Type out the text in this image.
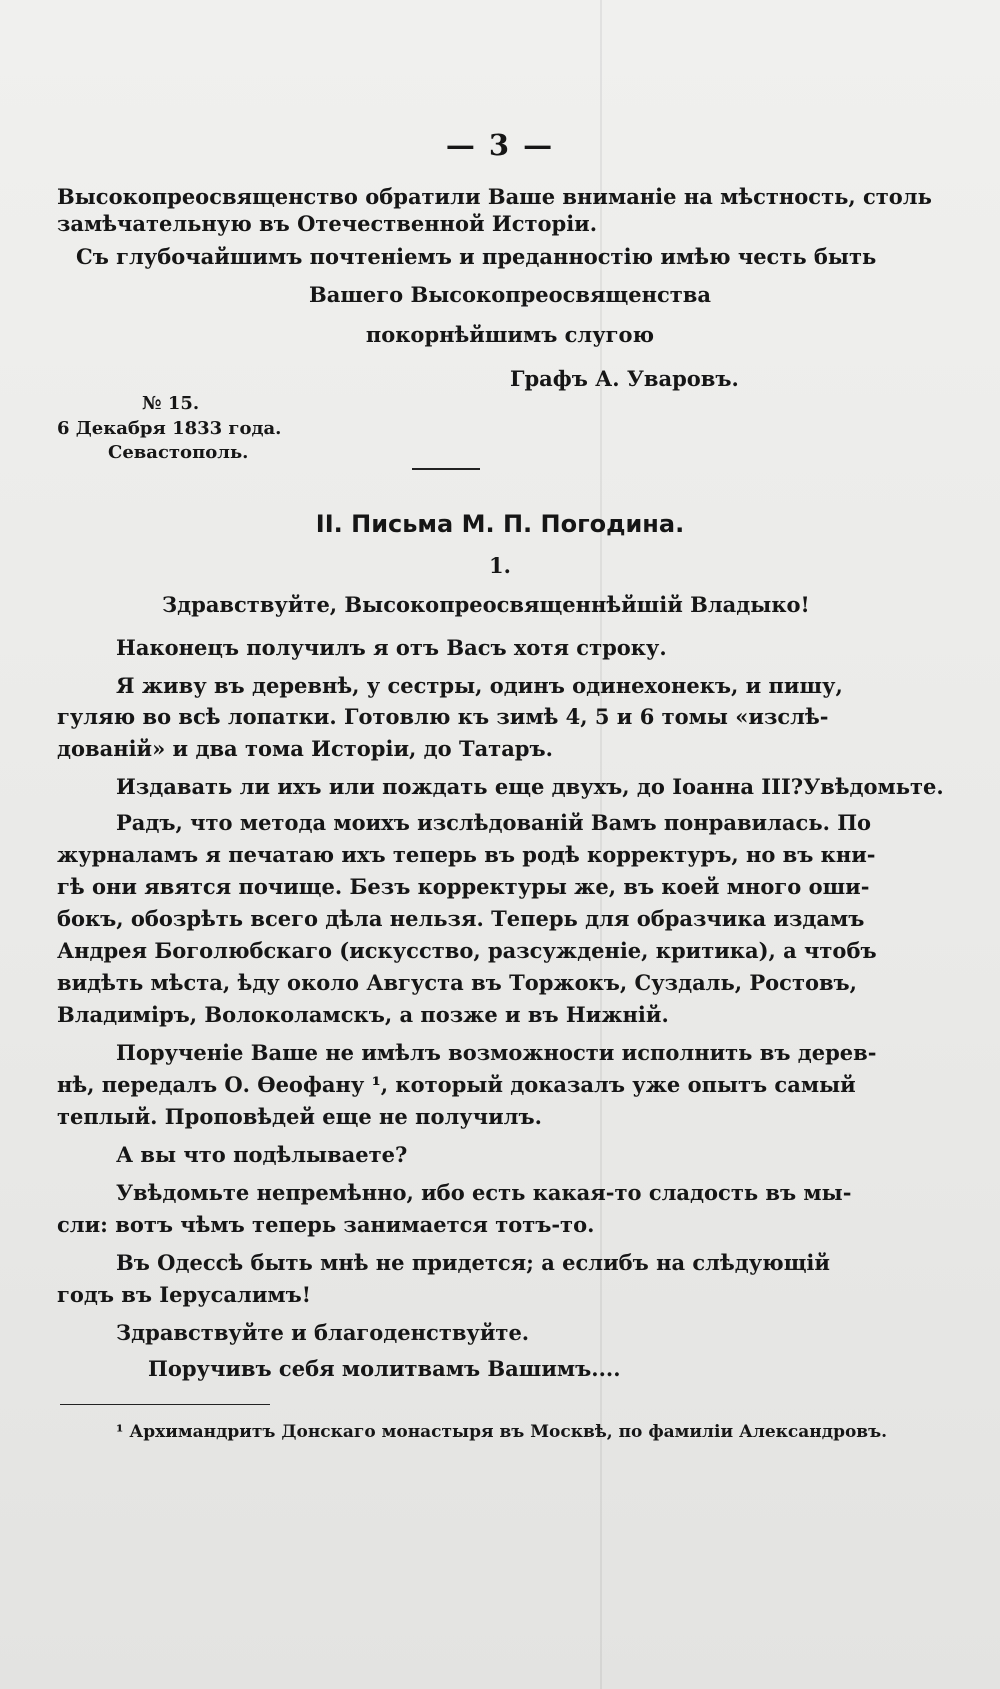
— 3 —
Высокопреосвященство обратили Ваше вниманіе на мѣстность, столь
замѣчательную въ Отечественной Исторіи.
Съ глубочайшимъ почтеніемъ и преданностію имѣю честь быть
Вашего Высокопреосвященства
покорнѣйшимъ слугою
Графъ А. Уваровъ.
№ 15.
6 Декабря 1833 года.
Севастополь.
II. Письма М. П. Погодина.
1.
Здравствуйте, Высокопреосвященнѣйшій Владыко!
Наконецъ получилъ я отъ Васъ хотя строку.
Я живу въ деревнѣ, у сестры, одинъ одинехонекъ, и пишу,
гуляю во всѣ лопатки. Готовлю къ зимѣ 4, 5 и 6 томы «изслѣ-
дованій» и два тома Исторіи, до Татаръ.
Издавать ли ихъ или пождать еще двухъ, до Іоанна III?Увѣдомьте.
Радъ, что метода моихъ изслѣдованій Вамъ понравилась. По
журналамъ я печатаю ихъ теперь въ родѣ корректуръ, но въ кни-
гѣ они явятся почище. Безъ корректуры же, въ коей много оши-
бокъ, обозрѣть всего дѣла нельзя. Теперь для образчика издамъ
Андрея Боголюбскаго (искусство, разсужденіе, критика), а чтобъ
видѣть мѣста, ѣду около Августа въ Торжокъ, Суздаль, Ростовъ,
Владиміръ, Волоколамскъ, а позже и въ Нижній.
Порученіе Ваше не имѣлъ возможности исполнить въ дерев-
нѣ, передалъ О. Ѳеофану ¹, который доказалъ уже опытъ самый
теплый. Проповѣдей еще не получилъ.
А вы что подѣлываете?
Увѣдомьте непремѣнно, ибо есть какая-то сладость въ мы-
сли: вотъ чѣмъ теперь занимается тотъ-то.
Въ Одессѣ быть мнѣ не придется; а еслибъ на слѣдующій
годъ въ Іерусалимъ!
Здравствуйте и благоденствуйте.
Поручивъ себя молитвамъ Вашимъ....
¹ Архимандритъ Донскаго монастыря въ Москвѣ, по фамиліи Александровъ.
